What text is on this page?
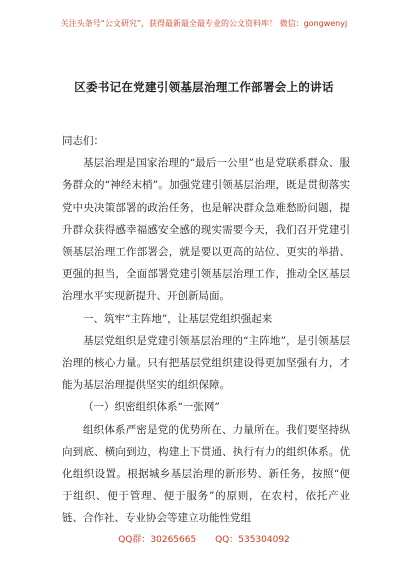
关注头条号“公文研究”，获得最新最全最专业的公文资料库！ 微信：gongwenyj
区委书记在党建引领基层治理工作部署会上的讲话

同志们：

基层治理是国家治理的“最后一公里”也是党联系群众、服务群众的“神经末梢”。加强党建引领基层治理，既是贯彻落实党中央决策部署的政治任务，也是解决群众急难愁盼问题，提升群众获得感幸福感安全感的现实需要今天，我们召开党建引领基层治理工作部署会，就是要以更高的站位、更实的举措、更强的担当，全面部署党建引领基层治理工作，推动全区基层治理水平实现新提升、开创新局面。

一、筑牢“主阵地”，让基层党组织强起来

基层党组织是党建引领基层治理的“主阵地”，是引领基层治理的核心力量。只有把基层党组织建设得更加坚强有力，才能为基层治理提供坚实的组织保障。

（一）织密组织体系“一张网”

组织体系严密是党的优势所在、力量所在。我们要坚持纵向到底、横向到边，构建上下贯通、执行有力的组织体系。优化组织设置。根据城乡基层治理的新形势、新任务，按照“便于组织、便于管理、便于服务”的原则，在农村，依托产业链、合作社、专业协会等建立功能性党组

QQ群：30265665 QQ：535304092
